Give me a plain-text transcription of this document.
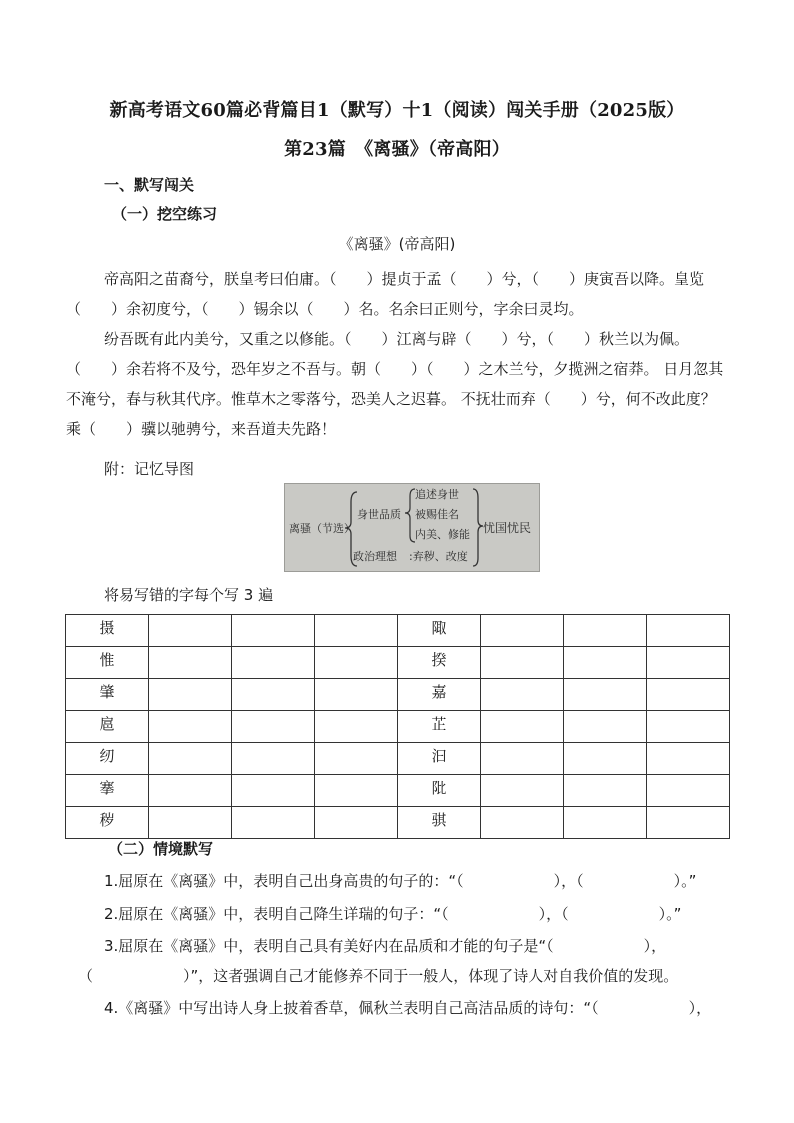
新高考语文60篇必背篇目1（默写）十1（阅读）闯关手册（2025版）
第23篇　《离骚》（帝高阳）
一、默写闯关
（一）挖空练习
《离骚》(帝高阳)

帝高阳之苗裔兮，朕皇考曰伯庸。（　　）提贞于孟（　　）兮，（　　）庚寅吾以降。皇览（　　）余初度兮，（　　）锡余以（　　）名。名余曰正则兮，字余曰灵均。

纷吾既有此内美兮，又重之以修能。（　　）江离与辟（　　）兮，（　　）秋兰以为佩。（　　）余若将不及兮，恐年岁之不吾与。朝（　　）（　　）之木兰兮，夕揽洲之宿莽。 日月忽其不淹兮，春与秋其代序。惟草木之零落兮，恐美人之迟暮。 不抚壮而弃（　　）兮，何不改此度？乘（　　）骥以驰骋兮，来吾道夫先路！

附：记忆导图

离骚（节选）
身世品质
政治理想
追述身世
被赐佳名
内美、修能
:弃秽、改度
忧国忧民
将易写错的字每个写 3 遍
摄				陬			
惟				揆			
肇				嘉			
扈				芷			
纫				汩			
搴				阰			
秽				骐			
（二）情境默写
1.屈原在《离骚》中，表明自己出身高贵的句子的：“（　　　　　　），（　　　　　　）。”
2.屈原在《离骚》中，表明自己降生详瑞的句子：“（　　　　　　），（　　　　　　）。”
3.屈原在《离骚》中，表明自己具有美好内在品质和才能的句子是“（　　　　　　），
（　　　　　　）”，这者强调自己才能修养不同于一般人，体现了诗人对自我价值的发现。
4.《离骚》中写出诗人身上披着香草，佩秋兰表明自己高洁品质的诗句：“（　　　　　　），
